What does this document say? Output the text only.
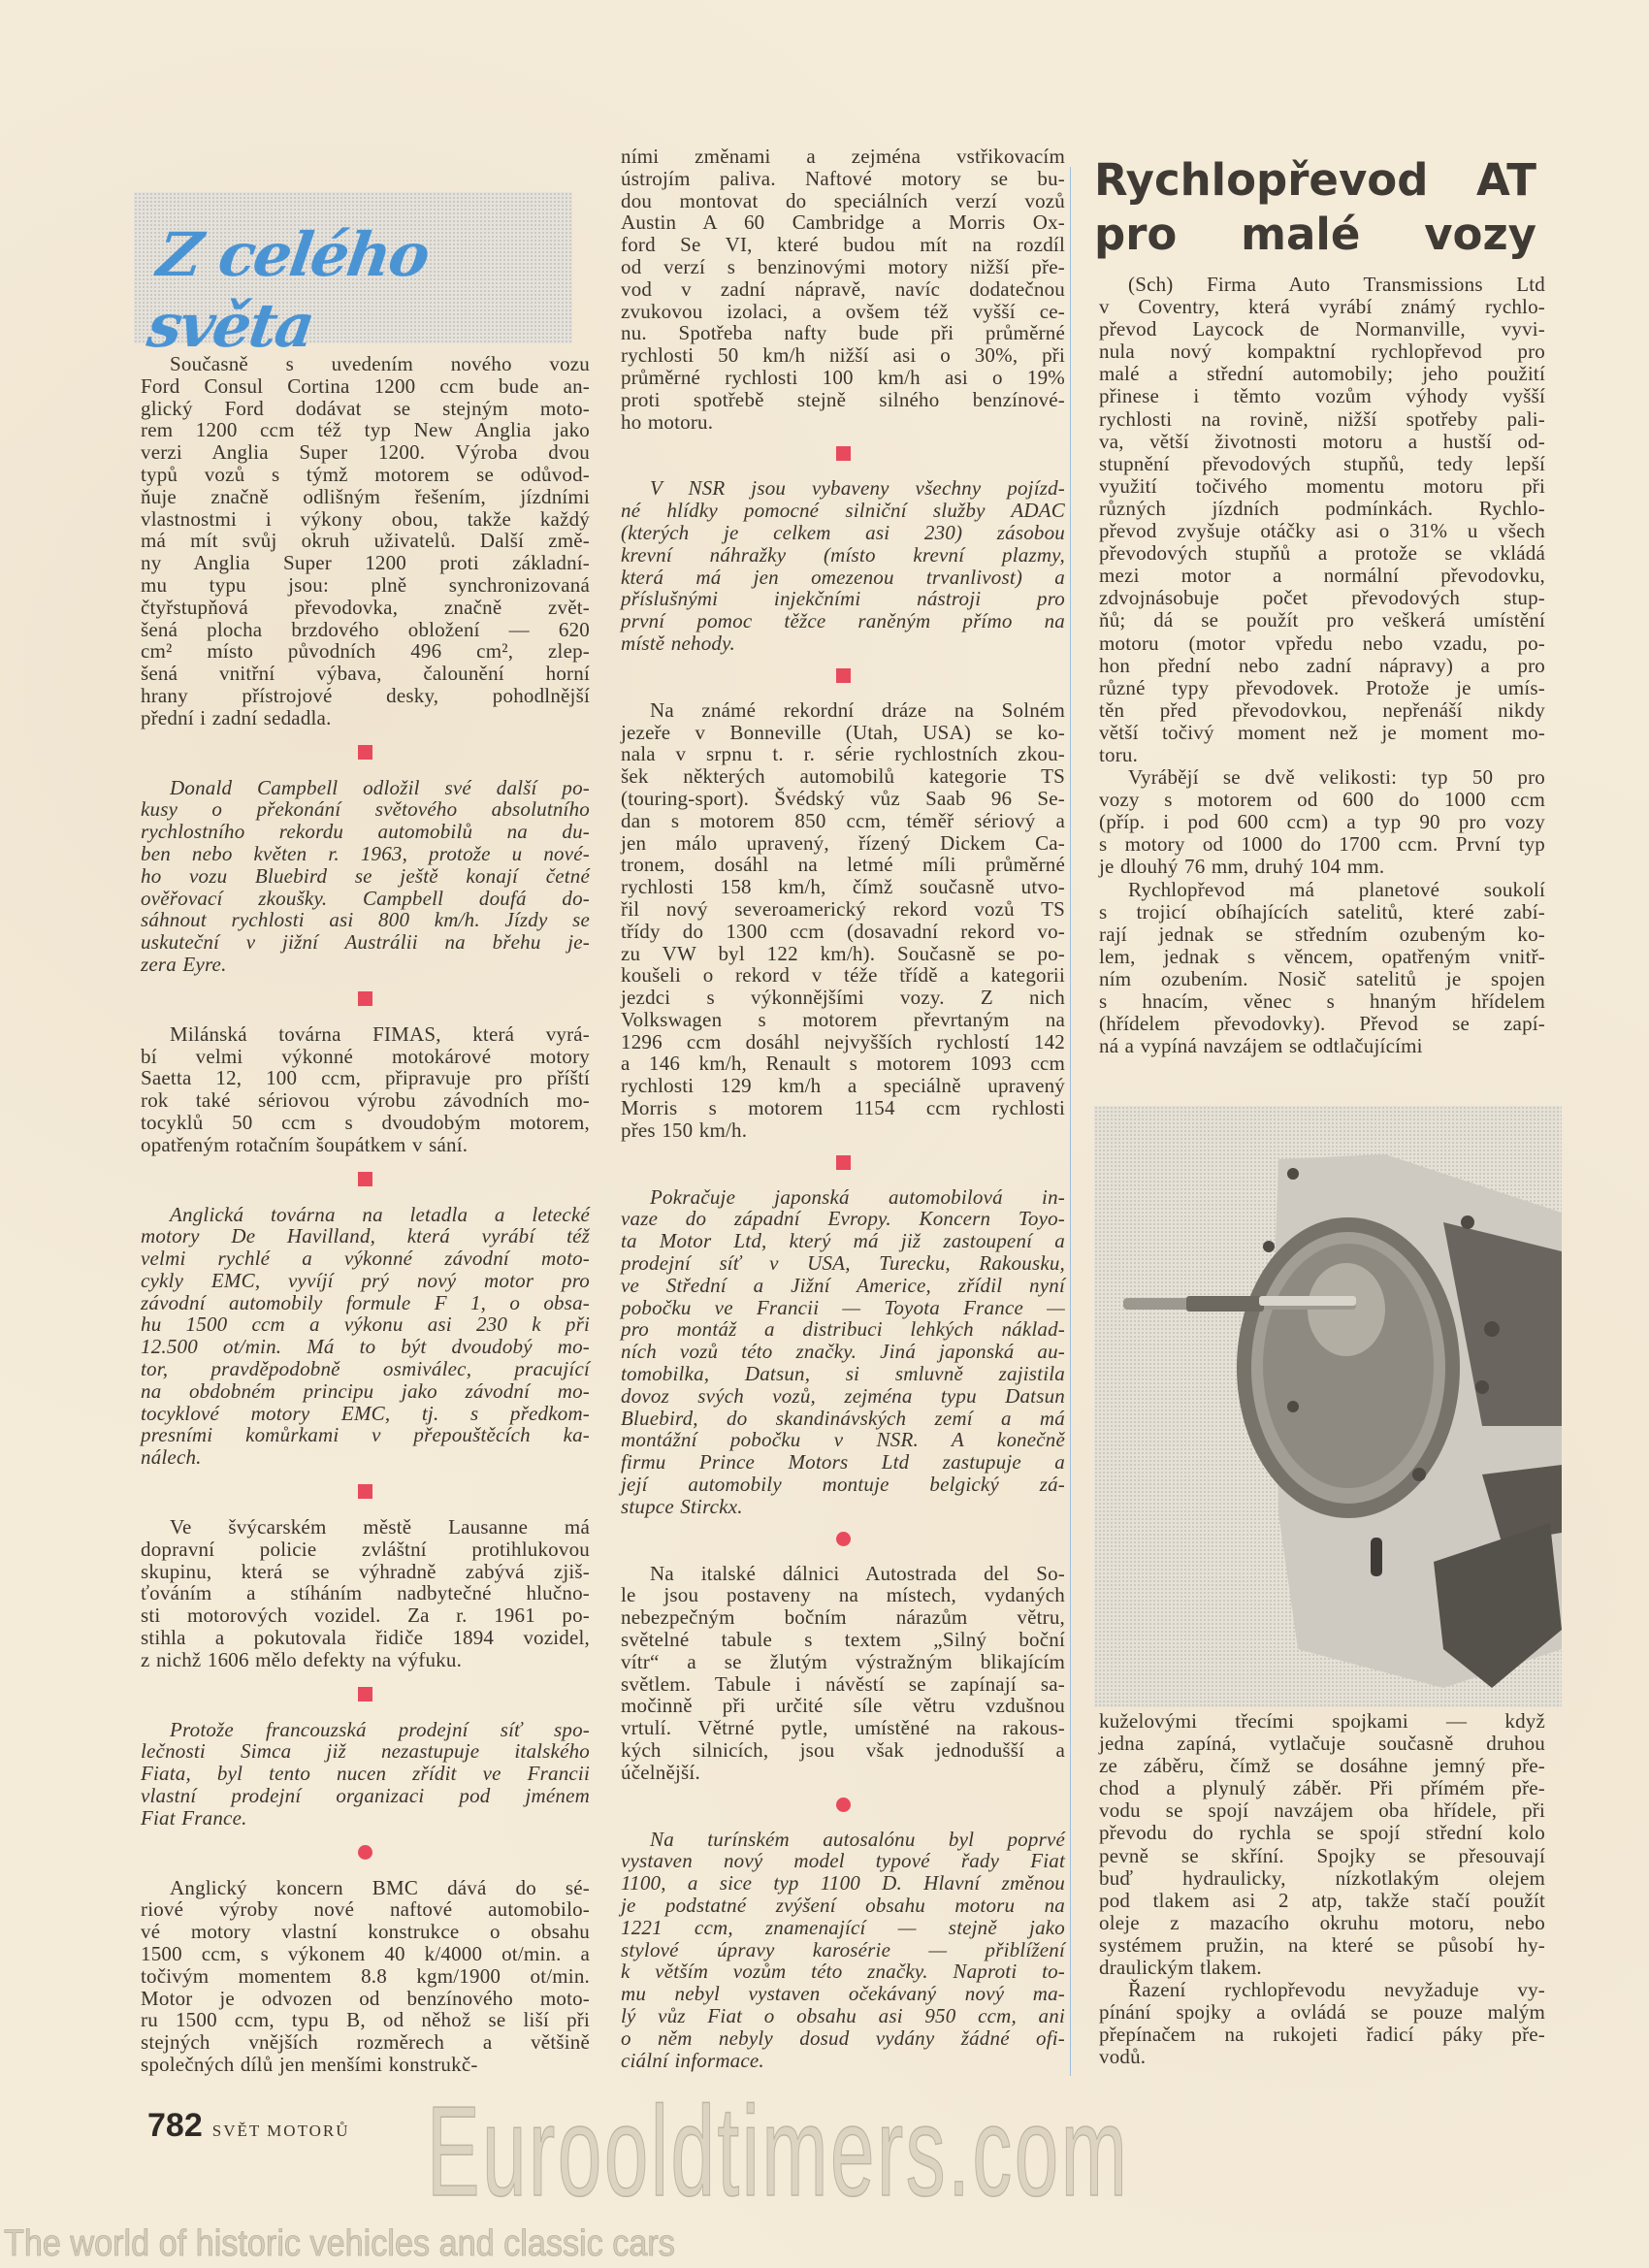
Z celého světa
Současně s uvedením nového vozu
Ford Consul Cortina 1200 ccm bude an-
glický Ford dodávat se stejným moto-
rem 1200 ccm též typ New Anglia jako
verzi Anglia Super 1200. Výroba dvou
typů vozů s týmž motorem se odůvod-
ňuje značně odlišným řešením, jízdními
vlastnostmi i výkony obou, takže každý
má mít svůj okruh uživatelů. Další změ-
ny Anglia Super 1200 proti základní-
mu typu jsou: plně synchronizovaná
čtyřstupňová převodovka, značně zvět-
šená plocha brzdového obložení — 620
cm² místo původních 496 cm², zlep-
šená vnitřní výbava, čalounění horní
hrany přístrojové desky, pohodlnější
přední i zadní sedadla.
Donald Campbell odložil své další po-
kusy o překonání světového absolutního
rychlostního rekordu automobilů na du-
ben nebo květen r. 1963, protože u nové-
ho vozu Bluebird se ještě konají četné
ověřovací zkoušky. Campbell doufá do-
sáhnout rychlosti asi 800 km/h. Jízdy se
uskuteční v jižní Austrálii na břehu je-
zera Eyre.
Milánská továrna FIMAS, která vyrá-
bí velmi výkonné motokárové motory
Saetta 12, 100 ccm, připravuje pro příští
rok také sériovou výrobu závodních mo-
tocyklů 50 ccm s dvoudobým motorem,
opatřeným rotačním šoupátkem v sání.
Anglická továrna na letadla a letecké
motory De Havilland, která vyrábí též
velmi rychlé a výkonné závodní moto-
cykly EMC, vyvíjí prý nový motor pro
závodní automobily formule F 1, o obsa-
hu 1500 ccm a výkonu asi 230 k při
12.500 ot/min. Má to být dvoudobý mo-
tor, pravděpodobně osmiválec, pracující
na obdobném principu jako závodní mo-
tocyklové motory EMC, tj. s předkom-
presními komůrkami v přepouštěcích ka-
nálech.
Ve švýcarském městě Lausanne má
dopravní policie zvláštní protihlukovou
skupinu, která se výhradně zabývá zjiš-
ťováním a stíháním nadbytečné hlučno-
sti motorových vozidel. Za r. 1961 po-
stihla a pokutovala řidiče 1894 vozidel,
z nichž 1606 mělo defekty na výfuku.
Protože francouzská prodejní síť spo-
lečnosti Simca již nezastupuje italského
Fiata, byl tento nucen zřídit ve Francii
vlastní prodejní organizaci pod jménem
Fiat France.
Anglický koncern BMC dává do sé-
riové výroby nové naftové automobilo-
vé motory vlastní konstrukce o obsahu
1500 ccm, s výkonem 40 k/4000 ot/min. a
točivým momentem 8.8 kgm/1900 ot/min.
Motor je odvozen od benzínového moto-
ru 1500 ccm, typu B, od něhož se liší při
stejných vnějších rozměrech a většině
společných dílů jen menšími konstrukč-
ními změnami a zejména vstřikovacím
ústrojím paliva. Naftové motory se bu-
dou montovat do speciálních verzí vozů
Austin A 60 Cambridge a Morris Ox-
ford Se VI, které budou mít na rozdíl
od verzí s benzinovými motory nižší pře-
vod v zadní nápravě, navíc dodatečnou
zvukovou izolaci, a ovšem též vyšší ce-
nu. Spotřeba nafty bude při průměrné
rychlosti 50 km/h nižší asi o 30%, při
průměrné rychlosti 100 km/h asi o 19%
proti spotřebě stejně silného benzínové-
ho motoru.
V NSR jsou vybaveny všechny pojízd-
né hlídky pomocné silniční služby ADAC
(kterých je celkem asi 230) zásobou
krevní náhražky (místo krevní plazmy,
která má jen omezenou trvanlivost) a
příslušnými injekčními nástroji pro
první pomoc těžce raněným přímo na
místě nehody.
Na známé rekordní dráze na Solném
jezeře v Bonneville (Utah, USA) se ko-
nala v srpnu t. r. série rychlostních zkou-
šek některých automobilů kategorie TS
(touring-sport). Švédský vůz Saab 96 Se-
dan s motorem 850 ccm, téměř sériový a
jen málo upravený, řízený Dickem Ca-
tronem, dosáhl na letmé míli průměrné
rychlosti 158 km/h, čímž současně utvo-
řil nový severoamerický rekord vozů TS
třídy do 1300 ccm (dosavadní rekord vo-
zu VW byl 122 km/h). Současně se po-
koušeli o rekord v téže třídě a kategorii
jezdci s výkonnějšími vozy. Z nich
Volkswagen s motorem převrtaným na
1296 ccm dosáhl nejvyšších rychlostí 142
a 146 km/h, Renault s motorem 1093 ccm
rychlosti 129 km/h a speciálně upravený
Morris s motorem 1154 ccm rychlosti
přes 150 km/h.
Pokračuje japonská automobilová in-
vaze do západní Evropy. Koncern Toyo-
ta Motor Ltd, který má již zastoupení a
prodejní síť v USA, Turecku, Rakousku,
ve Střední a Jižní Americe, zřídil nyní
pobočku ve Francii — Toyota France —
pro montáž a distribuci lehkých náklad-
ních vozů této značky. Jiná japonská au-
tomobilka, Datsun, si smluvně zajistila
dovoz svých vozů, zejména typu Datsun
Bluebird, do skandinávských zemí a má
montážní pobočku v NSR. A konečně
firmu Prince Motors Ltd zastupuje a
její automobily montuje belgický zá-
stupce Stirckx.
Na italské dálnici Autostrada del So-
le jsou postaveny na místech, vydaných
nebezpečným bočním nárazům větru,
světelné tabule s textem „Silný boční
vítr“ a se žlutým výstražným blikajícím
světlem. Tabule i návěstí se zapínají sa-
močinně při určité síle větru vzdušnou
vrtulí. Větrné pytle, umístěné na rakous-
kých silnicích, jsou však jednodušší a
účelnější.
Na turínském autosalónu byl poprvé
vystaven nový model typové řady Fiat
1100, a sice typ 1100 D. Hlavní změnou
je podstatné zvýšení obsahu motoru na
1221 ccm, znamenající — stejně jako
stylové úpravy karosérie — přiblížení
k větším vozům této značky. Naproti to-
mu nebyl vystaven očekávaný nový ma-
lý vůz Fiat o obsahu asi 950 ccm, ani
o něm nebyly dosud vydány žádné ofi-
ciální informace.
Rychlopřevod AT
pro malé vozy
(Sch) Firma Auto Transmissions Ltd
v Coventry, která vyrábí známý rychlo-
převod Laycock de Normanville, vyvi-
nula nový kompaktní rychlopřevod pro
malé a střední automobily; jeho použití
přinese i těmto vozům výhody vyšší
rychlosti na rovině, nižší spotřeby pali-
va, větší životnosti motoru a hustší od-
stupnění převodových stupňů, tedy lepší
využití točivého momentu motoru při
různých jízdních podmínkách. Rychlo-
převod zvyšuje otáčky asi o 31% u všech
převodových stupňů a protože se vkládá
mezi motor a normální převodovku,
zdvojnásobuje počet převodových stup-
ňů; dá se použít pro veškerá umístění
motoru (motor vpředu nebo vzadu, po-
hon přední nebo zadní nápravy) a pro
různé typy převodovek. Protože je umís-
těn před převodovkou, nepřenáší nikdy
větší točivý moment než je moment mo-
toru.
Vyrábějí se dvě velikosti: typ 50 pro
vozy s motorem od 600 do 1000 ccm
(příp. i pod 600 ccm) a typ 90 pro vozy
s motory od 1000 do 1700 ccm. První typ
je dlouhý 76 mm, druhý 104 mm.
Rychlopřevod má planetové soukolí
s trojicí obíhajících satelitů, které zabí-
rají jednak se středním ozubeným ko-
lem, jednak s věncem, opatřeným vnitř-
ním ozubením. Nosič satelitů je spojen
s hnacím, věnec s hnaným hřídelem
(hřídelem převodovky). Převod se zapí-
ná a vypíná navzájem se odtlačujícími
kuželovými třecími spojkami — když
jedna zapíná, vytlačuje současně druhou
ze záběru, čímž se dosáhne jemný pře-
chod a plynulý záběr. Při přímém pře-
vodu se spojí navzájem oba hřídele, při
převodu do rychla se spojí střední kolo
pevně se skříní. Spojky se přesouvají
buď hydraulicky, nízkotlakým olejem
pod tlakem asi 2 atp, takže stačí použít
oleje z mazacího okruhu motoru, nebo
systémem pružin, na které se působí hy-
draulickým tlakem.
Řazení rychlopřevodu nevyžaduje vy-
pínání spojky a ovládá se pouze malým
přepínačem na rukojeti řadicí páky pře-
vodů.
782 SVĚT MOTORŮ Eurooldtimers.com
The world of historic vehicles and classic cars
